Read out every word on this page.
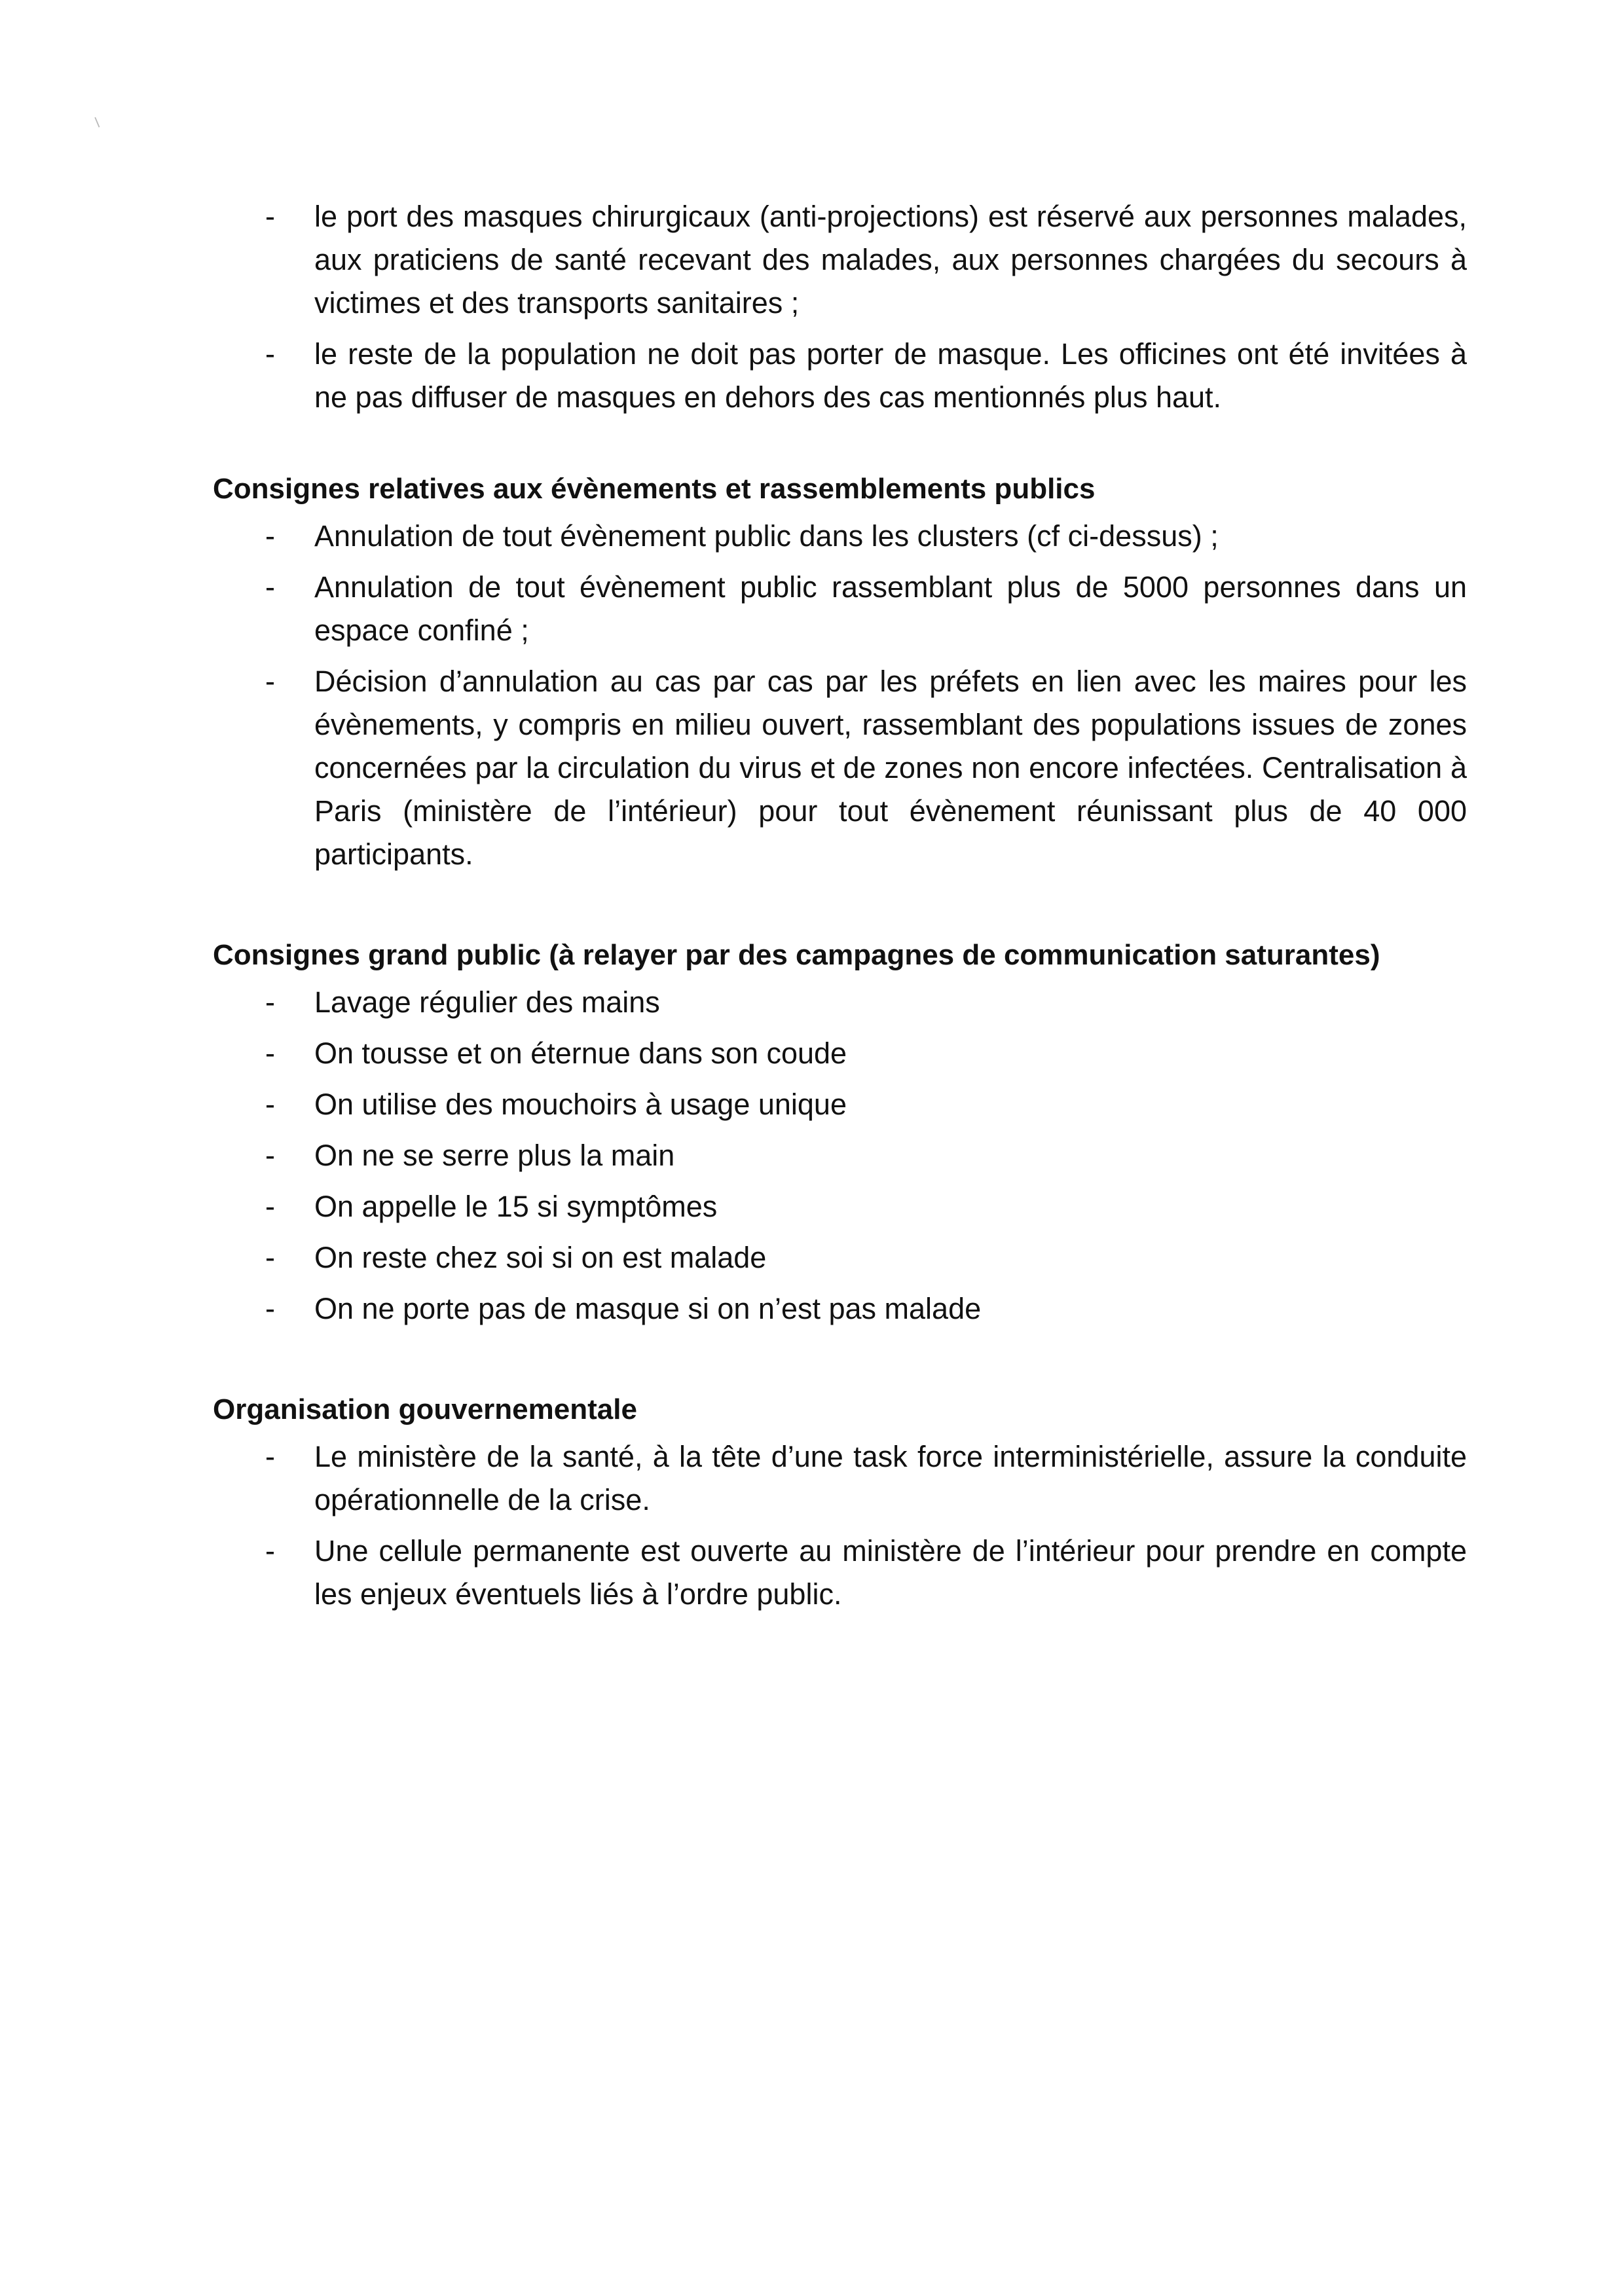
⸜
-	le port des masques chirurgicaux (anti-projections) est réservé aux personnes malades, aux praticiens de santé recevant des malades, aux personnes chargées du secours à victimes et des transports sanitaires ;
-	le reste de la population ne doit pas porter de masque. Les officines ont été invitées à ne pas diffuser de masques en dehors des cas mentionnés plus haut.
Consignes relatives aux évènements et rassemblements publics
-	Annulation de tout évènement public dans les clusters (cf ci-dessus) ;
-	Annulation de tout évènement public rassemblant plus de 5000 personnes dans un espace confiné ;
-	Décision d’annulation au cas par cas par les préfets en lien avec les maires pour les évènements, y compris en milieu ouvert, rassemblant des populations issues de zones concernées par la circulation du virus et de zones non encore infectées. Centralisation à Paris (ministère de l’intérieur) pour tout évènement réunissant plus de 40 000 participants.
Consignes grand public (à relayer par des campagnes de communication saturantes)
-	Lavage régulier des mains
-	On tousse et on éternue dans son coude
-	On utilise des mouchoirs à usage unique
-	On ne se serre plus la main
-	On appelle le 15 si symptômes
-	On reste chez soi si on est malade
-	On ne porte pas de masque si on n’est pas malade
Organisation gouvernementale
-	Le ministère de la santé, à la tête d’une task force interministérielle, assure la conduite opérationnelle de la crise.
-	Une cellule permanente est ouverte au ministère de l’intérieur pour prendre en compte les enjeux éventuels liés à l’ordre public.
